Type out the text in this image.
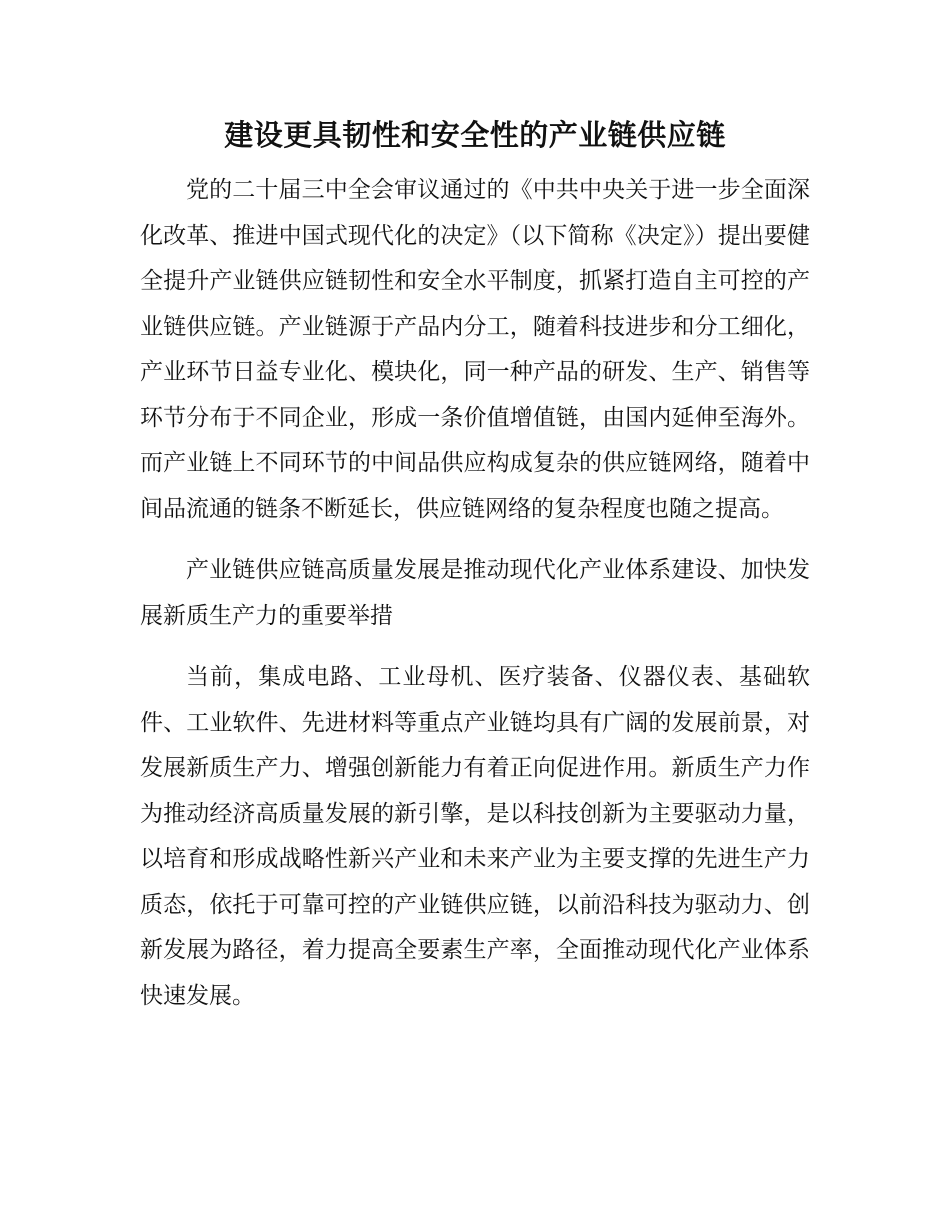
建设更具韧性和安全性的产业链供应链

党的二十届三中全会审议通过的《中共中央关于进一步全面深化改革、推进中国式现代化的决定》（以下简称《决定》）提出要健全提升产业链供应链韧性和安全水平制度，抓紧打造自主可控的产业链供应链。产业链源于产品内分工，随着科技进步和分工细化，产业环节日益专业化、模块化，同一种产品的研发、生产、销售等环节分布于不同企业，形成一条价值增值链，由国内延伸至海外。而产业链上不同环节的中间品供应构成复杂的供应链网络，随着中间品流通的链条不断延长，供应链网络的复杂程度也随之提高。

产业链供应链高质量发展是推动现代化产业体系建设、加快发展新质生产力的重要举措

当前，集成电路、工业母机、医疗装备、仪器仪表、基础软件、工业软件、先进材料等重点产业链均具有广阔的发展前景，对发展新质生产力、增强创新能力有着正向促进作用。新质生产力作为推动经济高质量发展的新引擎，是以科技创新为主要驱动力量，以培育和形成战略性新兴产业和未来产业为主要支撑的先进生产力质态，依托于可靠可控的产业链供应链，以前沿科技为驱动力、创新发展为路径，着力提高全要素生产率，全面推动现代化产业体系快速发展。
